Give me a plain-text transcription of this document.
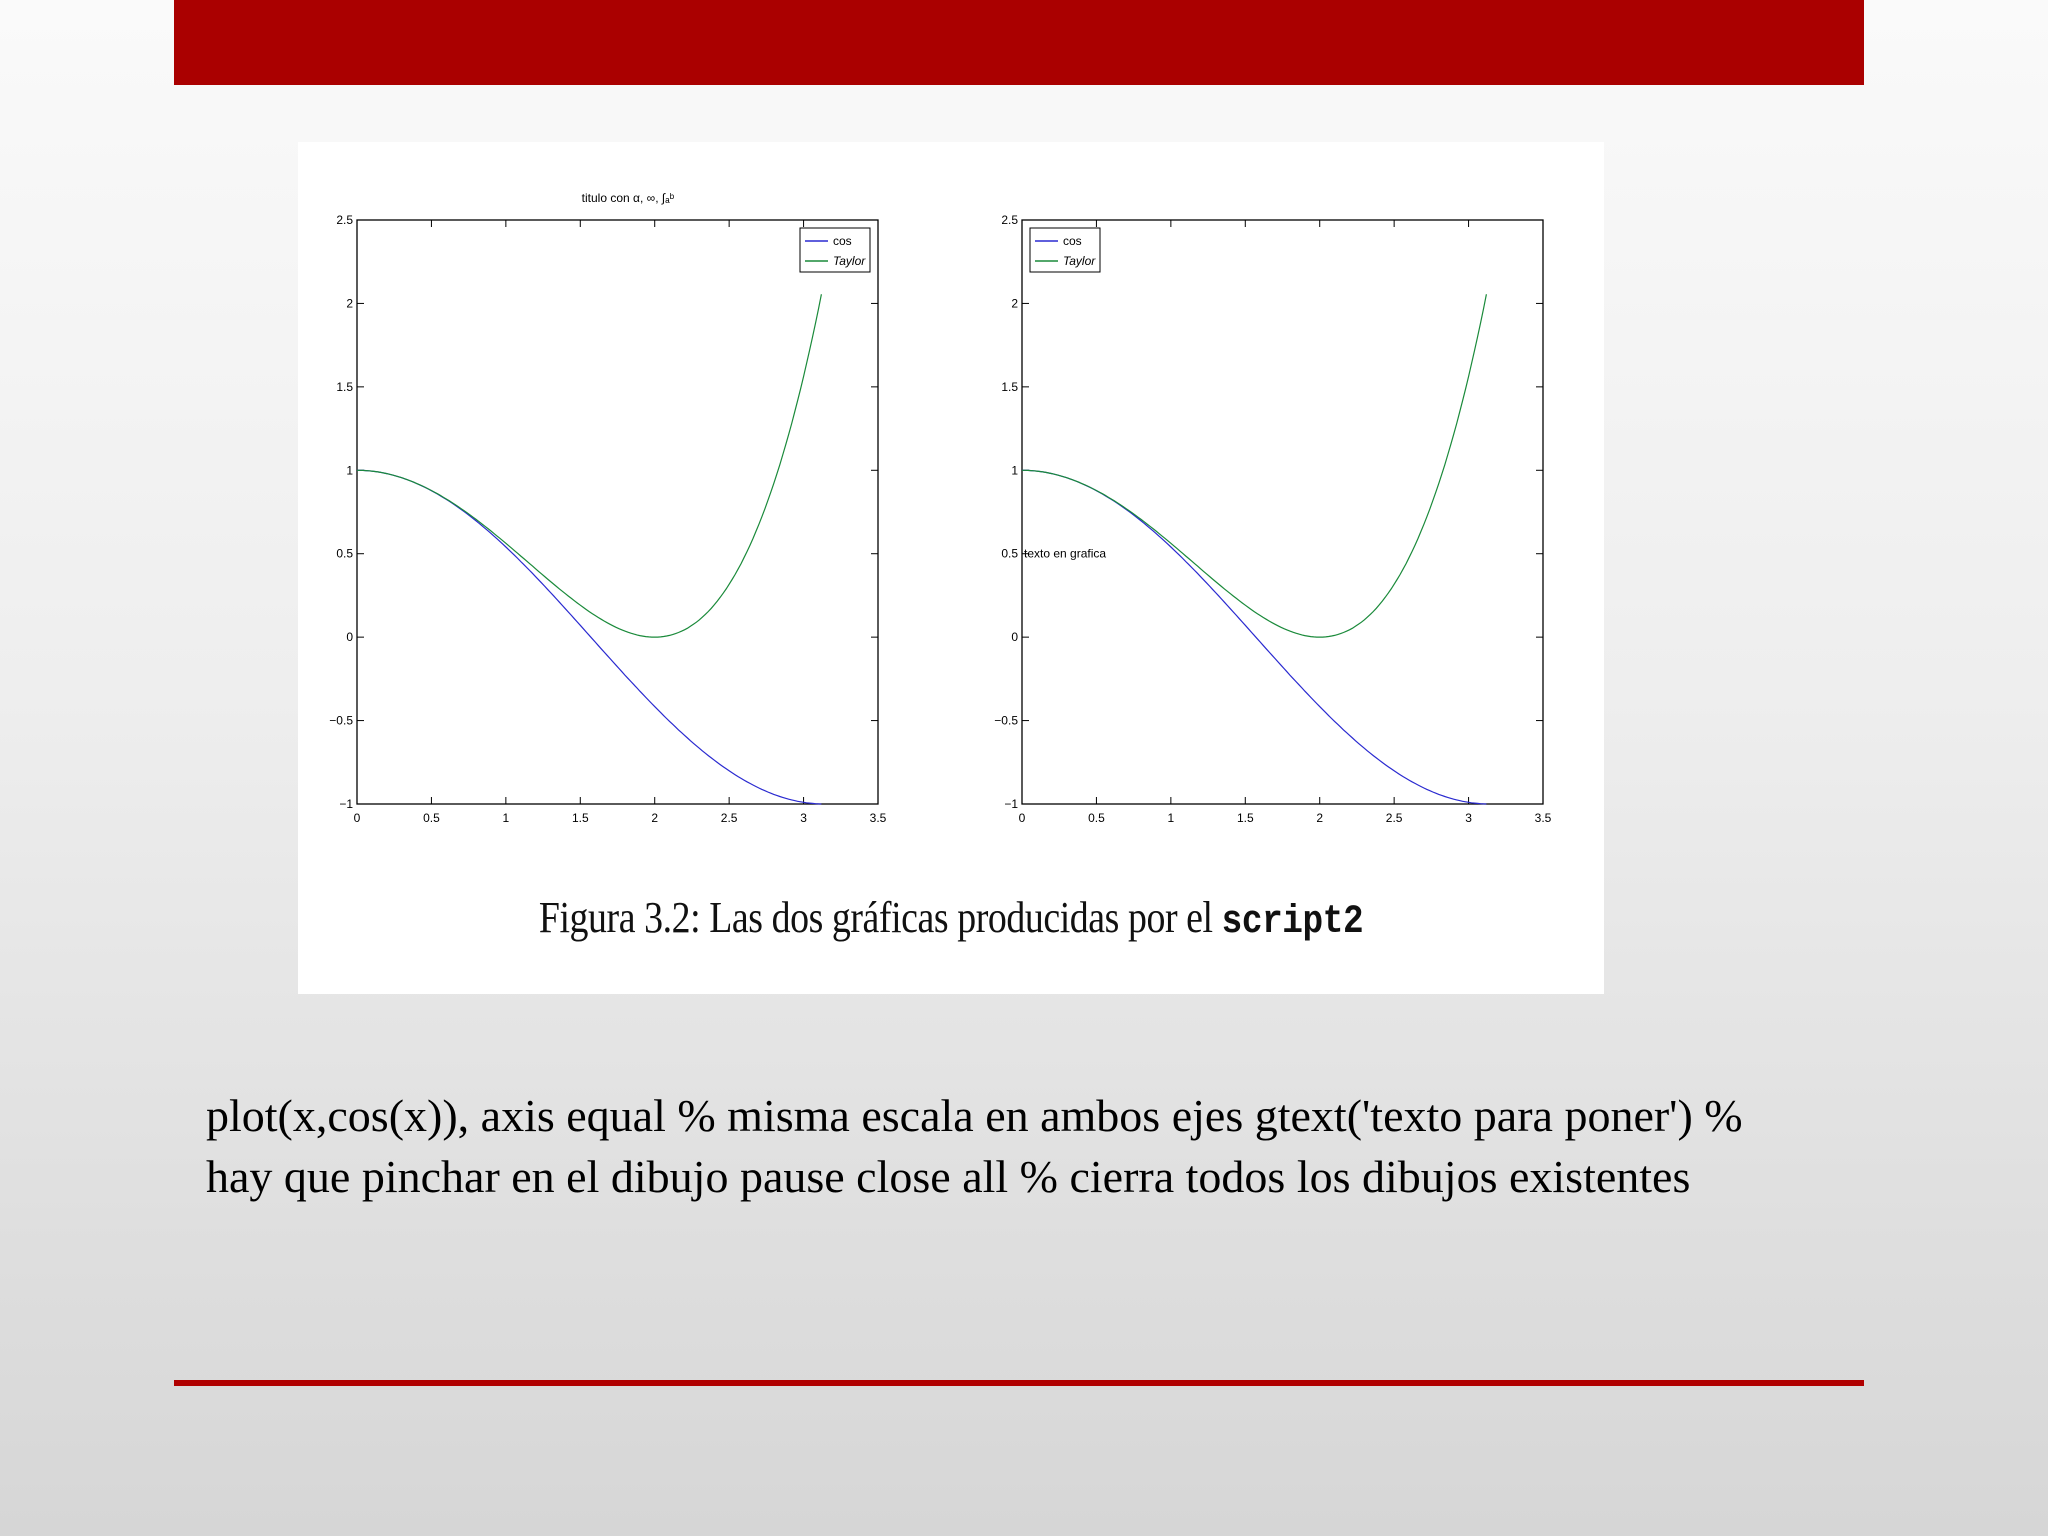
0	0.5	1	1.5	2	2.5	3	3.5
−1
−0.5
0
0.5
1
1.5
2
2.5
cos
Taylor
titulo con α, ∞, ∫ₐᵇ
0	0.5	1	1.5	2	2.5	3	3.5
−1
−0.5
0
0.5
1
1.5
2
2.5
cos
Taylor
texto en grafica
Figura 3.2: Las dos gráficas producidas por el script2
plot(x,cos(x)), axis equal % misma escala en ambos ejes gtext('texto para poner') % hay que pinchar en el dibujo pause close all % cierra todos los dibujos existentes
